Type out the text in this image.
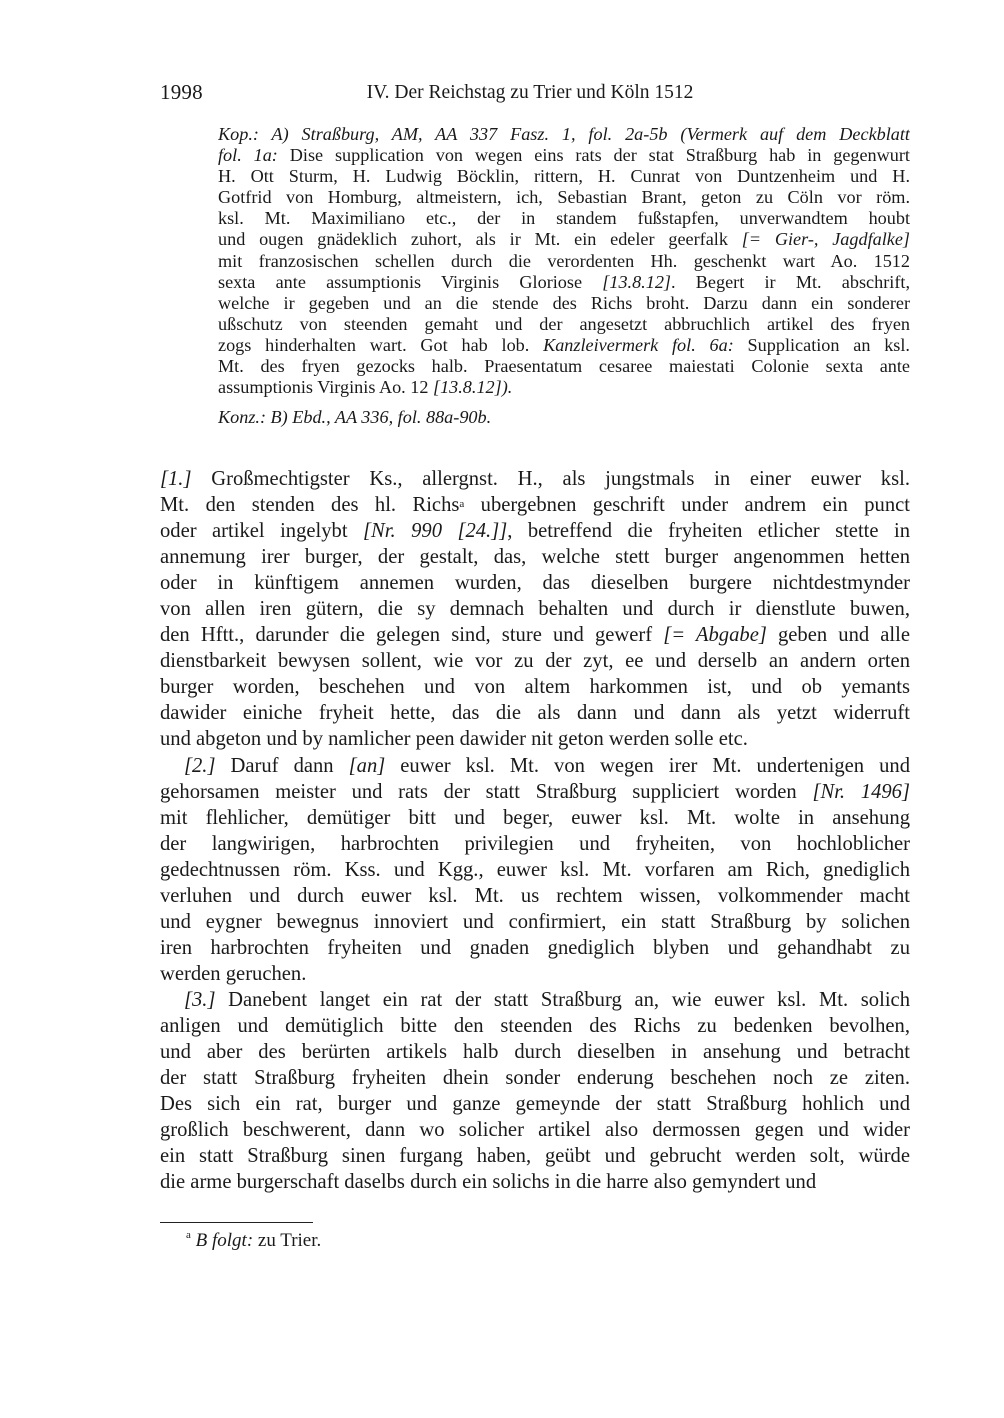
1998	IV. Der Reichstag zu Trier und Köln 1512
Kop.: A) Straßburg, AM, AA 337 Fasz. 1, fol. 2a-5b (Vermerk auf dem Deckblatt
fol. 1a: Dise supplication von wegen eins rats der stat Straßburg hab in gegenwurt
H. Ott Sturm, H. Ludwig Böcklin, rittern, H. Cunrat von Duntzenheim und H.
Gotfrid von Homburg, altmeistern, ich, Sebastian Brant, geton zu Cöln vor röm.
ksl. Mt. Maximiliano etc., der in standem fußstapfen, unverwandtem houbt
und ougen gnädeklich zuhort, als ir Mt. ein edeler geerfalk [= Gier-, Jagdfalke]
mit franzosischen schellen durch die verordenten Hh. geschenkt wart Ao. 1512
sexta ante assumptionis Virginis Gloriose [13.8.12]. Begert ir Mt. abschrift,
welche ir gegeben und an die stende des Richs broht. Darzu dann ein sonderer
ußschutz von steenden gemaht und der angesetzt abbruchlich artikel des fryen
zogs hinderhalten wart. Got hab lob. Kanzleivermerk fol. 6a: Supplication an ksl.
Mt. des fryen gezocks halb. Praesentatum cesaree maiestati Colonie sexta ante
assumptionis Virginis Ao. 12 [13.8.12]).
Konz.: B) Ebd., AA 336, fol. 88a-90b.
[1.] Großmechtigster Ks., allergnst. H., als jungstmals in einer euwer ksl.
Mt. den stenden des hl. Richs$^a$ ubergebnen geschrift under andrem ein punct
oder artikel ingelybt [Nr. 990 [24.]], betreffend die fryheiten etlicher stette in
annemung irer burger, der gestalt, das, welche stett burger angenommen hetten
oder in künftigem annemen wurden, das dieselben burgere nichtdestmynder
von allen iren gütern, die sy demnach behalten und durch ir dienstlute buwen,
den Hftt., darunder die gelegen sind, sture und gewerf [= Abgabe] geben und alle
dienstbarkeit bewysen sollent, wie vor zu der zyt, ee und derselb an andern orten
burger worden, beschehen und von altem harkommen ist, und ob yemants
dawider einiche fryheit hette, das die als dann und dann als yetzt widerruft
und abgeton und by namlicher peen dawider nit geton werden solle etc.
[2.] Daruf dann [an] euwer ksl. Mt. von wegen irer Mt. undertenigen und
gehorsamen meister und rats der statt Straßburg suppliciert worden [Nr. 1496]
mit flehlicher, demütiger bitt und beger, euwer ksl. Mt. wolte in ansehung
der langwirigen, harbrochten privilegien und fryheiten, von hochloblicher
gedechtnussen röm. Kss. und Kgg., euwer ksl. Mt. vorfaren am Rich, gnediglich
verluhen und durch euwer ksl. Mt. us rechtem wissen, volkommender macht
und eygner bewegnus innoviert und confirmiert, ein statt Straßburg by solichen
iren harbrochten fryheiten und gnaden gnediglich blyben und gehandhabt zu
werden geruchen.
[3.] Danebent langet ein rat der statt Straßburg an, wie euwer ksl. Mt. solich
anligen und demütiglich bitte den steenden des Richs zu bedenken bevolhen,
und aber des berürten artikels halb durch dieselben in ansehung und betracht
der statt Straßburg fryheiten dhein sonder enderung beschehen noch ze ziten.
Des sich ein rat, burger und ganze gemeynde der statt Straßburg hohlich und
großlich beschwerent, dann wo solicher artikel also dermossen gegen und wider
ein statt Straßburg sinen furgang haben, geübt und gebrucht werden solt, würde
die arme burgerschaft daselbs durch ein solichs in die harre also gemyndert und
$^a$ B folgt: zu Trier.
